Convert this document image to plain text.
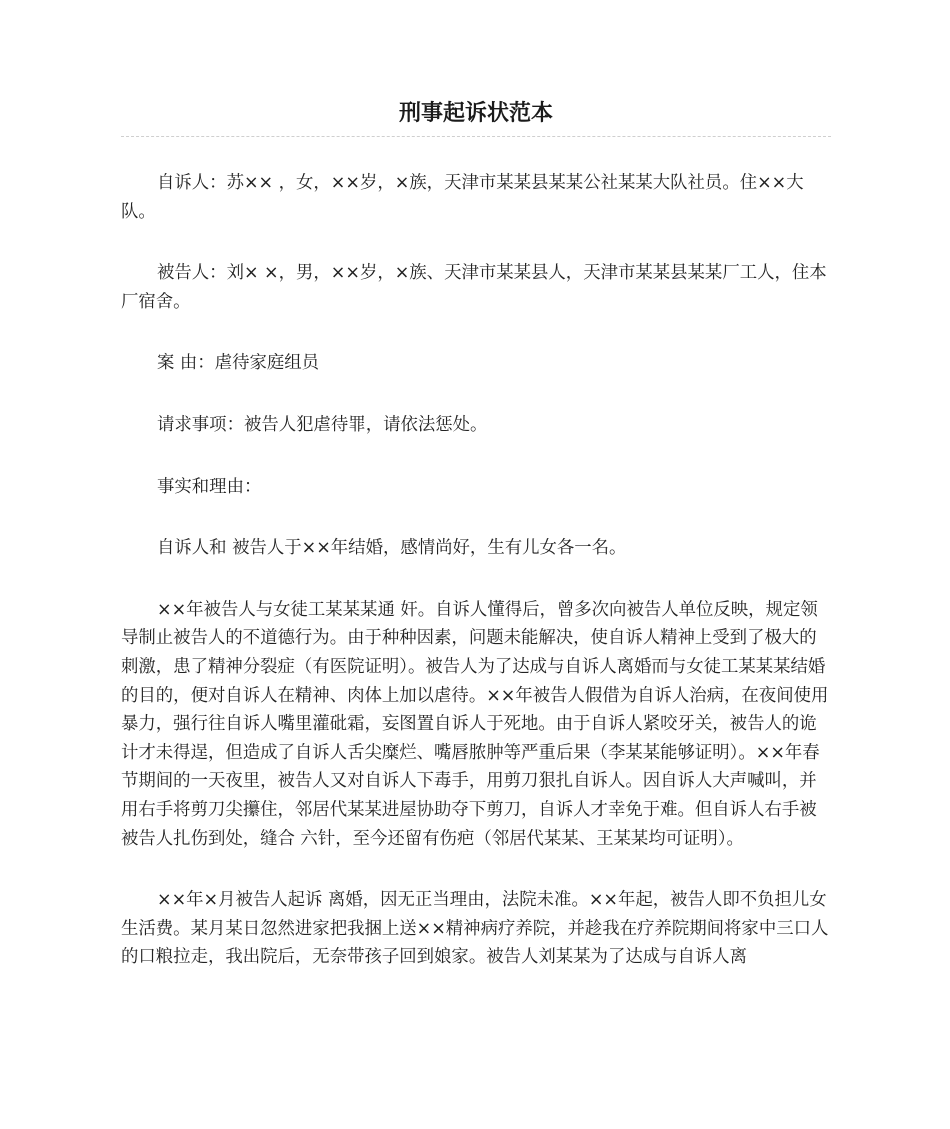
刑事起诉状范本

自诉人：苏×× ，女，××岁，×族，天津市某某县某某公社某某大队社员。住××大队。

被告人：刘× ×，男，××岁，×族、天津市某某县人，天津市某某县某某厂工人，住本厂宿舍。

案 由：虐待家庭组员

请求事项：被告人犯虐待罪，请依法惩处。

事实和理由：

自诉人和 被告人于××年结婚，感情尚好，生有儿女各一名。

××年被告人与女徒工某某某通 奸。自诉人懂得后，曾多次向被告人单位反映，规定领导制止被告人的不道德行为。由于种种因素，问题未能解决，使自诉人精神上受到了极大的刺激，患了精神分裂症（有医院证明）。被告人为了达成与自诉人离婚而与女徒工某某某结婚的目的，便对自诉人在精神、肉体上加以虐待。××年被告人假借为自诉人治病，在夜间使用暴力，强行往自诉人嘴里灌砒霜，妄图置自诉人于死地。由于自诉人紧咬牙关，被告人的诡计才未得逞，但造成了自诉人舌尖糜烂、嘴唇脓肿等严重后果（李某某能够证明）。××年春节期间的一天夜里，被告人又对自诉人下毒手，用剪刀狠扎自诉人。因自诉人大声喊叫，并用右手将剪刀尖攥住，邻居代某某进屋协助夺下剪刀，自诉人才幸免于难。但自诉人右手被被告人扎伤到处，缝合 六针，至今还留有伤疤（邻居代某某、王某某均可证明）。

××年×月被告人起诉 离婚，因无正当理由，法院未准。××年起，被告人即不负担儿女生活费。某月某日忽然进家把我捆上送××精神病疗养院，并趁我在疗养院期间将家中三口人的口粮拉走，我出院后，无奈带孩子回到娘家。被告人刘某某为了达成与自诉人离
